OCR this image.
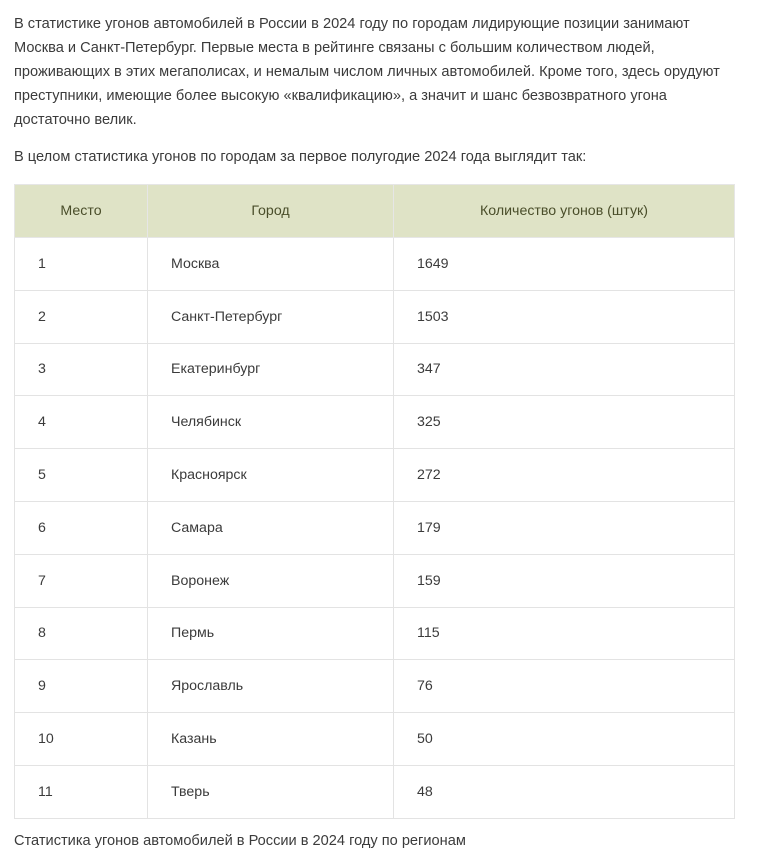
В статистике угонов автомобилей в России в 2024 году по городам лидирующие позиции занимают Москва и Санкт-Петербург. Первые места в рейтинге связаны с большим количеством людей, проживающих в этих мегаполисах, и немалым числом личных автомобилей. Кроме того, здесь орудуют преступники, имеющие более высокую «квалификацию», а значит и шанс безвозвратного угона достаточно велик.

В целом статистика угонов по городам за первое полугодие 2024 года выглядит так:

Место	Город	Количество угонов (штук)
1	Москва	1649
2	Санкт-Петербург	1503
3	Екатеринбург	347
4	Челябинск	325
5	Красноярск	272
6	Самара	179
7	Воронеж	159
8	Пермь	115
9	Ярославль	76
10	Казань	50
11	Тверь	48

Статистика угонов автомобилей в России в 2024 году по регионам
